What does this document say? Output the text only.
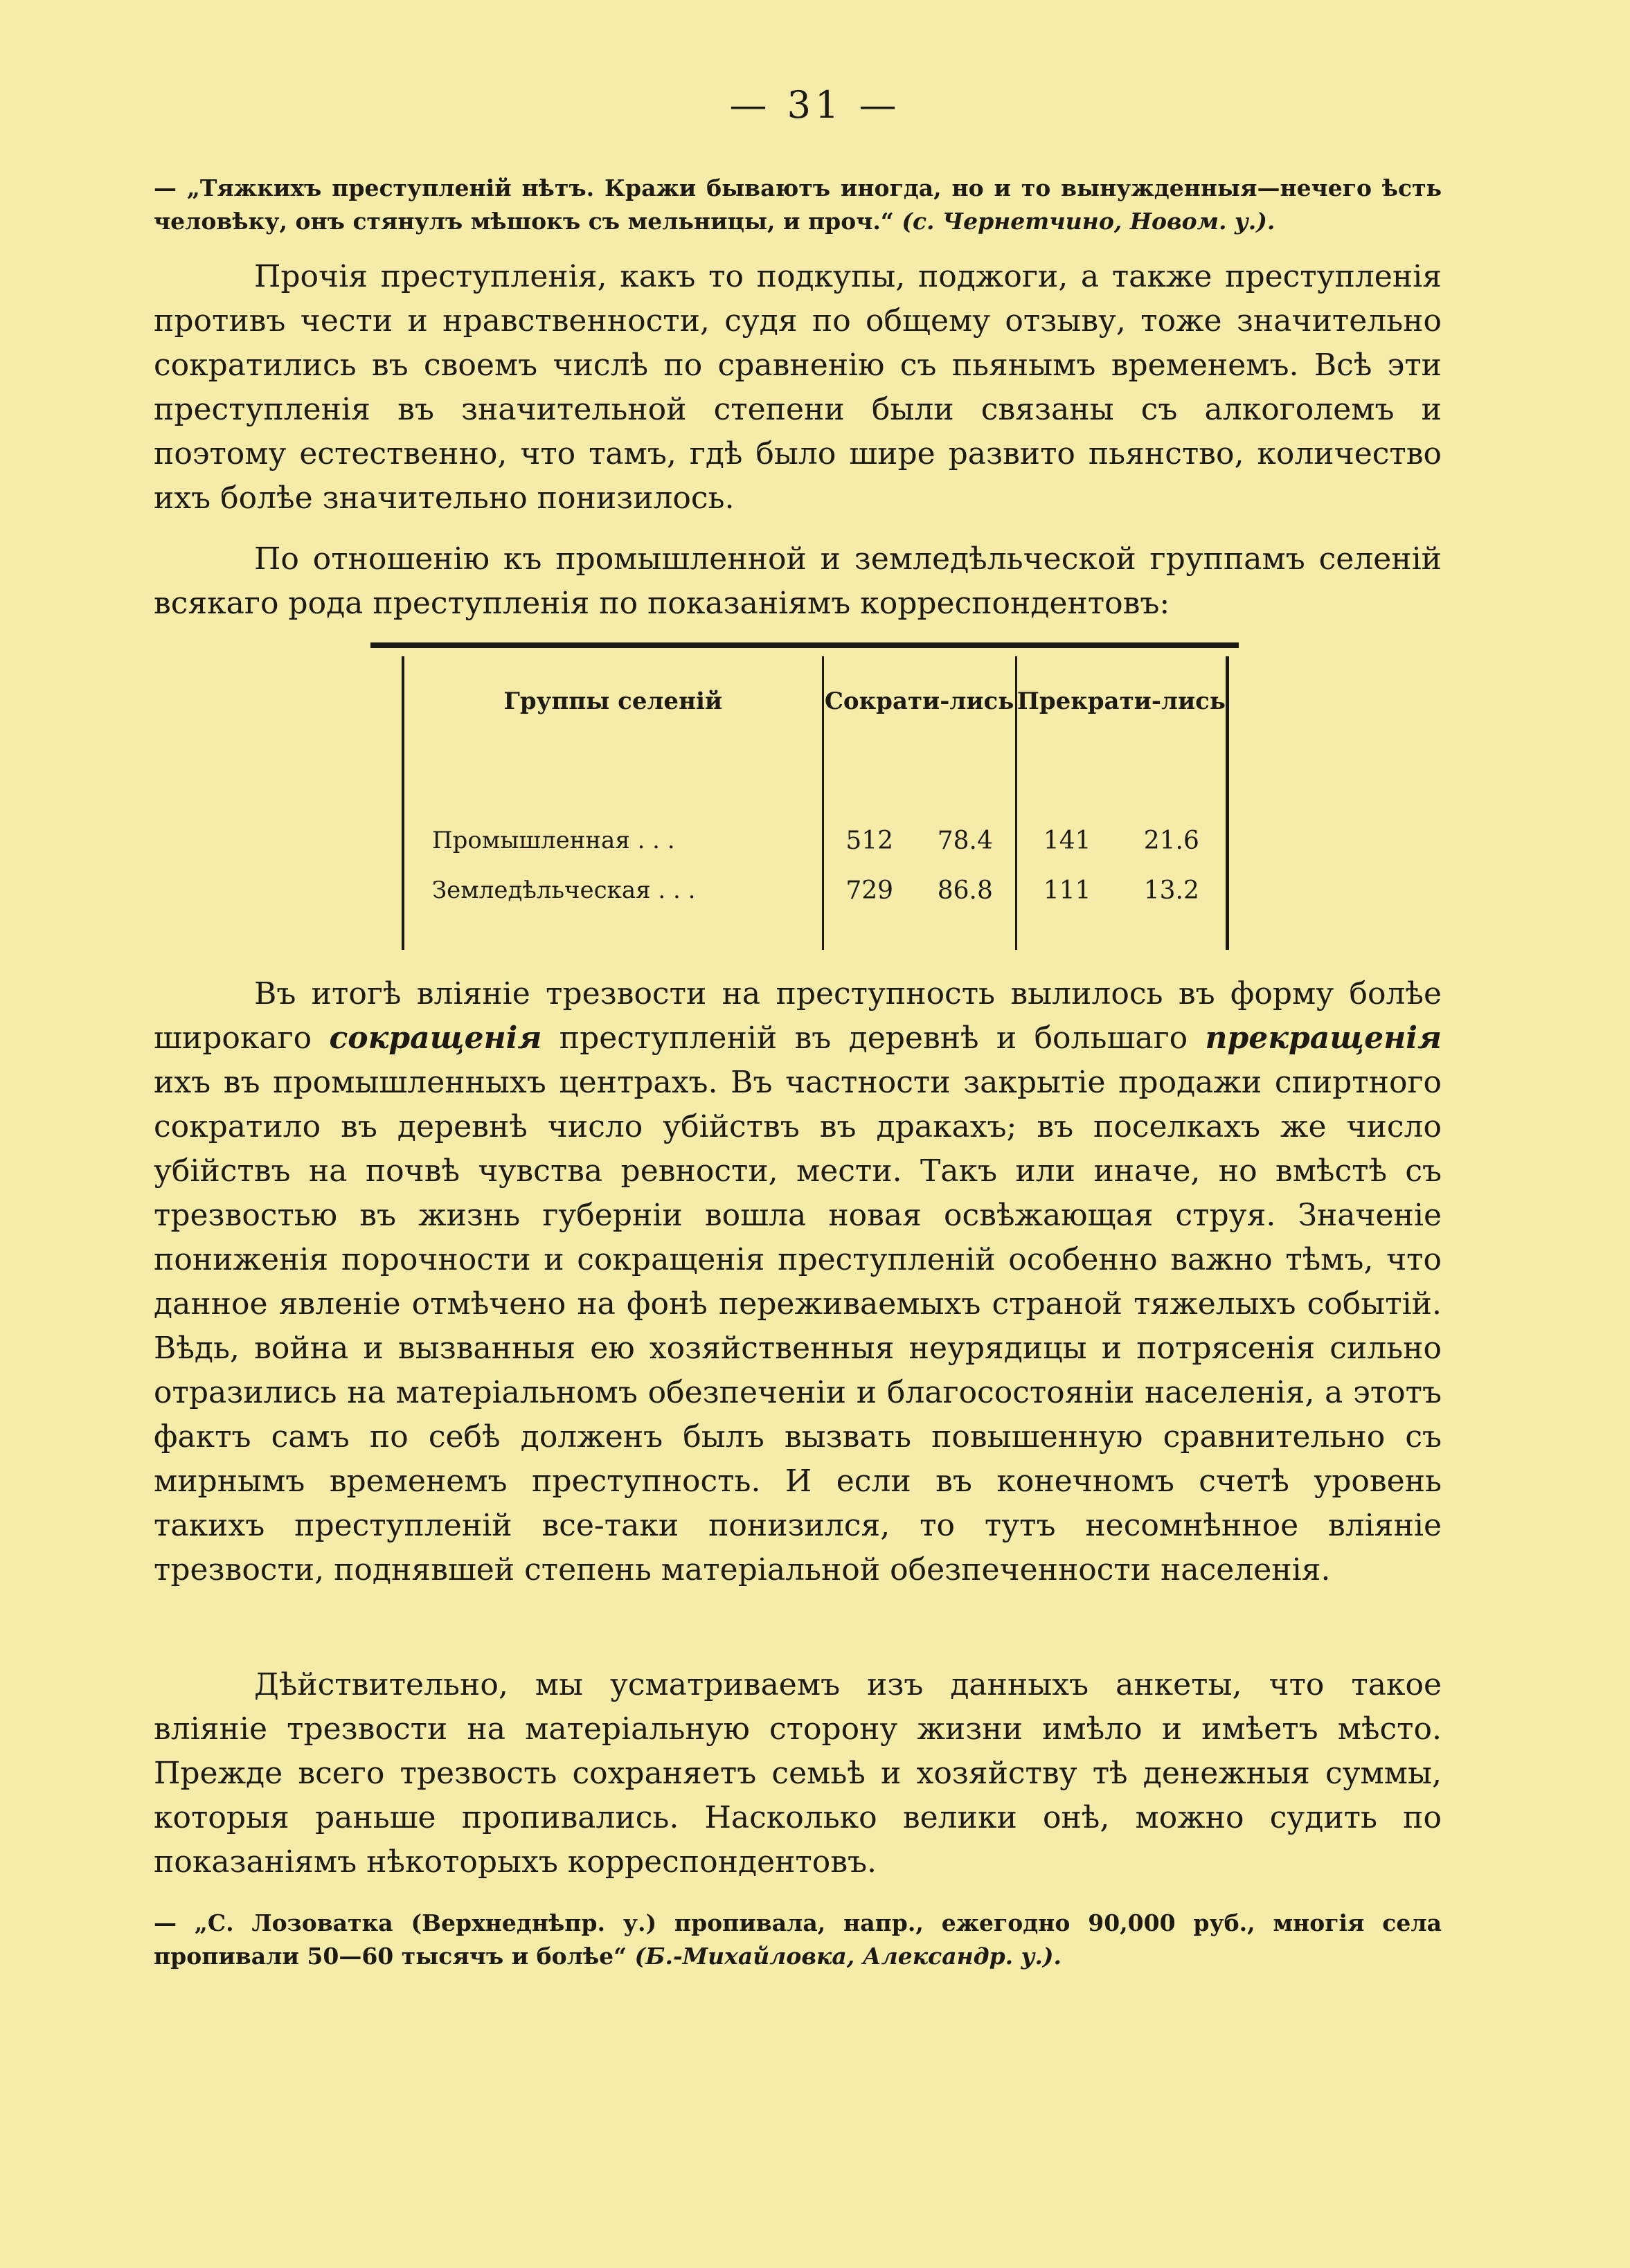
— 31 —
— „Тяжкихъ преступленій нѣтъ. Кражи бываютъ иногда, но и то вынужденныя—нечего ѣсть человѣку, онъ стянулъ мѣшокъ съ мельницы, и проч.“ (с. Чернетчино, Новом. у.).

Прочія преступленія, какъ то подкупы, поджоги, а также преступленія противъ чести и нравственности, судя по общему отзыву, тоже значительно сократились въ своемъ числѣ по сравненію съ пьянымъ временемъ. Всѣ эти преступленія въ значительной степени были связаны съ алкоголемъ и поэтому естественно, что тамъ, гдѣ было шире развито пьянство, количество ихъ болѣе значительно понизилось.

По отношенію къ промышленной и земледѣльческой группамъ селеній всякаго рода преступленія по показаніямъ корреспондентовъ:

Группы селеній	Сократи-лись	Прекрати-лись

Промышленная . . .	512 78.4	141 21.6

Земледѣльческая . . .	729 86.8	111 13.2

Въ итогѣ вліяніе трезвости на преступность вылилось въ форму болѣе широкаго сокращенія преступленій въ деревнѣ и большаго прекращенія ихъ въ промышленныхъ центрахъ. Въ частности закрытіе продажи спиртного сократило въ деревнѣ число убійствъ въ дракахъ; въ поселкахъ же число убійствъ на почвѣ чувства ревности, мести. Такъ или иначе, но вмѣстѣ съ трезвостью въ жизнь губерніи вошла новая освѣжающая струя. Значеніе пониженія порочности и сокращенія преступленій особенно важно тѣмъ, что данное явленіе отмѣчено на фонѣ переживаемыхъ страной тяжелыхъ событій. Вѣдь, война и вызванныя ею хозяйственныя неурядицы и потрясенія сильно отразились на матеріальномъ обезпеченіи и благосостояніи населенія, а этотъ фактъ самъ по себѣ долженъ былъ вызвать повышенную сравнительно съ мирнымъ временемъ преступность. И если въ конечномъ счетѣ уровень такихъ преступленій все-таки понизился, то тутъ несомнѣнное вліяніе трезвости, поднявшей степень матеріальной обезпеченности населенія.

Дѣйствительно, мы усматриваемъ изъ данныхъ анкеты, что такое вліяніе трезвости на матеріальную сторону жизни имѣло и имѣетъ мѣсто. Прежде всего трезвость сохраняетъ семьѣ и хозяйству тѣ денежныя суммы, которыя раньше пропивались. Насколько велики онѣ, можно судить по показаніямъ нѣкоторыхъ корреспондентовъ.

— „С. Лозоватка (Верхнеднѣпр. у.) пропивала, напр., ежегодно 90,000 руб., многія села пропивали 50—60 тысячъ и болѣе“ (Б.-Михайловка, Александр. у.).
